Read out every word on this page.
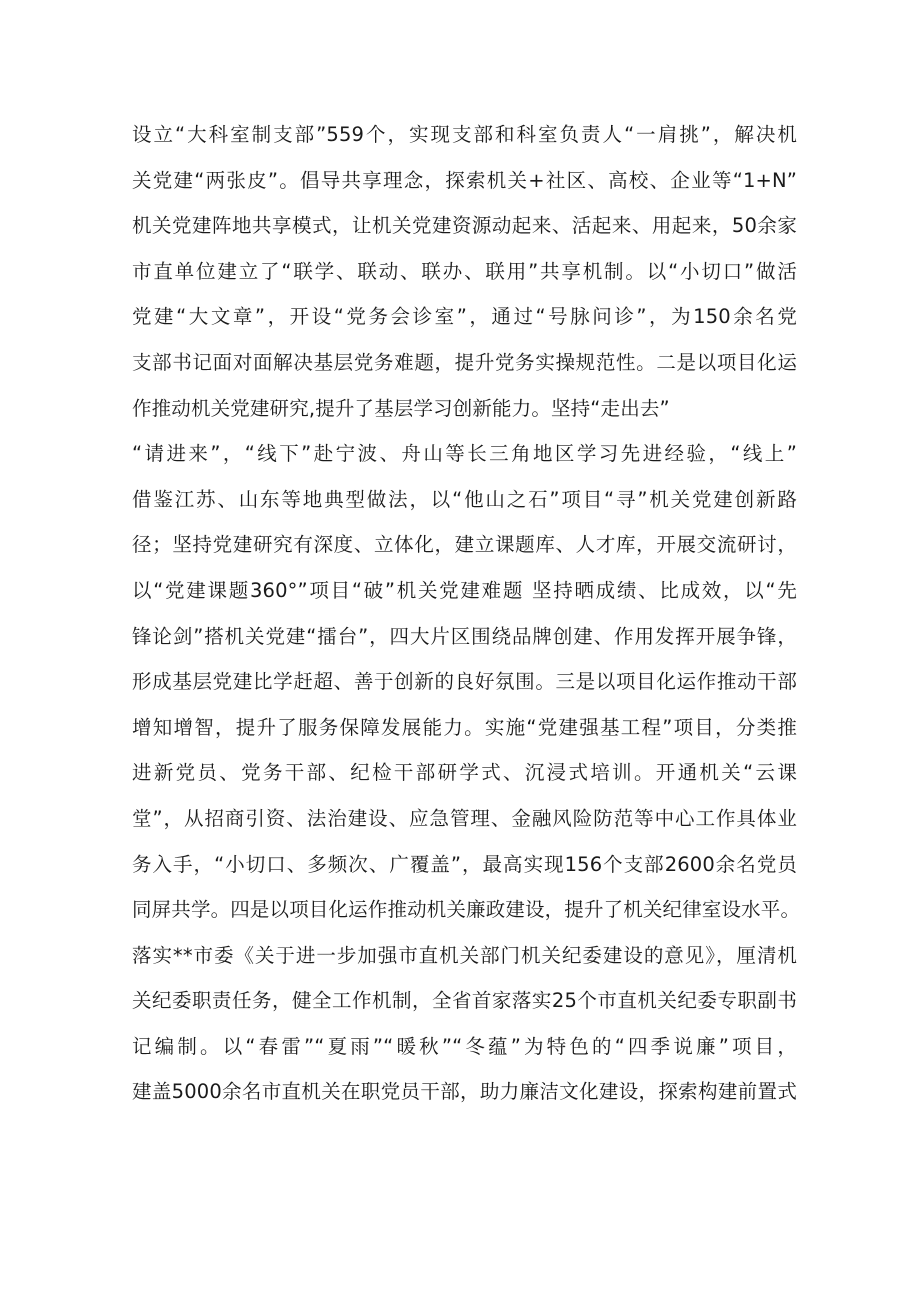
设立“大科室制支部”559个，实现支部和科室负责人“一肩挑”，解决机
关党建“两张皮”。倡导共享理念，探索机关+社区、高校、企业等“1+N”
机关党建阵地共享模式，让机关党建资源动起来、活起来、用起来，50余家
市直单位建立了“联学、联动、联办、联用”共享机制。以“小切口”做活
党建“大文章”，开设“党务会诊室”，通过“号脉问诊”，为150余名党
支部书记面对面解决基层党务难题，提升党务实操规范性。二是以项目化运
作推动机关党建研究,提升了基层学习创新能力。坚持“走出去”
“请进来”，“线下”赴宁波、舟山等长三角地区学习先进经验，“线上”
借鉴江苏、山东等地典型做法，以“他山之石”项目“寻”机关党建创新路
径；坚持党建研究有深度、立体化，建立课题库、人才库，开展交流研讨，
以“党建课题360°”项目“破”机关党建难题 坚持晒成绩、比成效，以“先
锋论剑”搭机关党建“擂台”，四大片区围绕品牌创建、作用发挥开展争锋，
形成基层党建比学赶超、善于创新的良好氛围。三是以项目化运作推动干部
增知增智，提升了服务保障发展能力。实施“党建强基工程”项目，分类推
进新党员、党务干部、纪检干部研学式、沉浸式培训。开通机关“云课
堂”，从招商引资、法治建设、应急管理、金融风险防范等中心工作具体业
务入手，“小切口、多频次、广覆盖”，最高实现156个支部2600余名党员
同屏共学。四是以项目化运作推动机关廉政建设，提升了机关纪律室设水平。
落实**市委《关于进一步加强市直机关部门机关纪委建设的意见》，厘清机
关纪委职责任务，健全工作机制，全省首家落实25个市直机关纪委专职副书
记编制。以“春雷”“夏雨”“暖秋”“冬蕴”为特色的“四季说廉”项目，
建盖5000余名市直机关在职党员干部，助力廉洁文化建设，探索构建前置式
